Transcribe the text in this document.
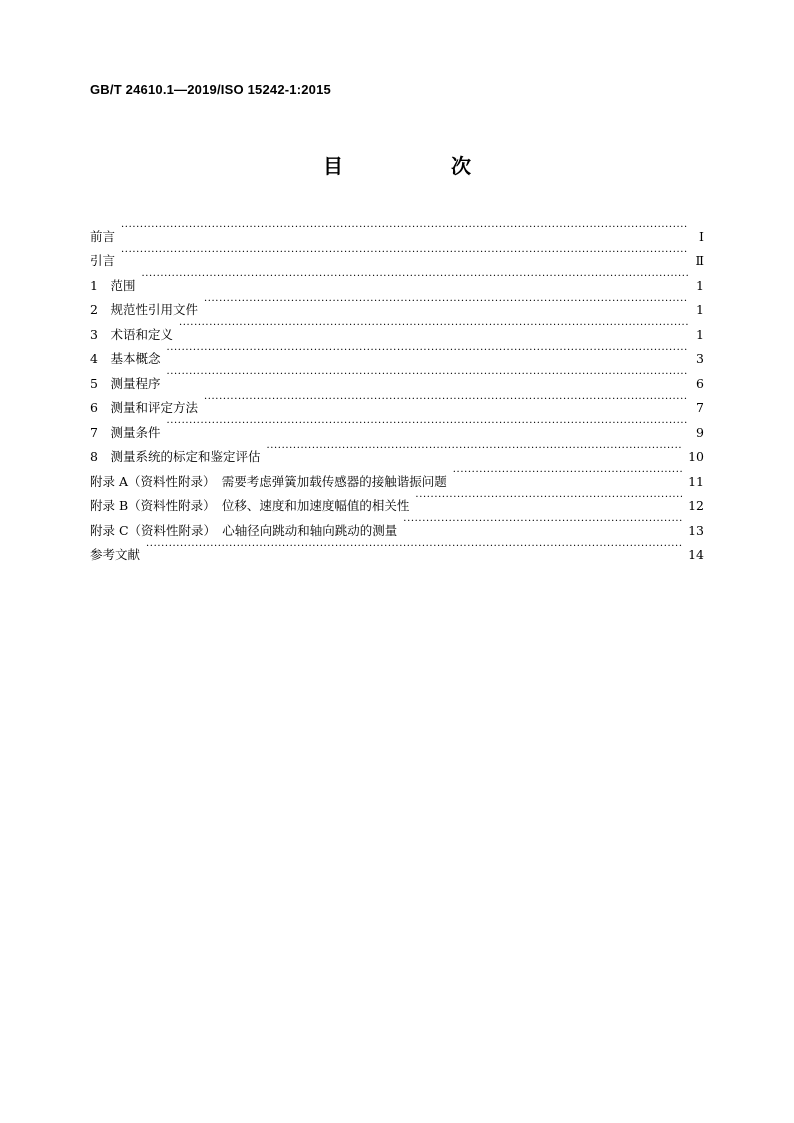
GB/T 24610.1—2019/ISO 15242-1:2015
目　次
前言 ·····	Ⅰ
引言 ·····	Ⅱ
1　范围 ·····	1
2　规范性引用文件 ·····	1
3　术语和定义 ·····	1
4　基本概念 ·····	3
5　测量程序 ·····	6
6　测量和评定方法 ·····	7
7　测量条件 ·····	9
8　测量系统的标定和鉴定评估 ·····	10
附录 A（资料性附录）　需要考虑弹簧加载传感器的接触谐振问题 ·····	11
附录 B（资料性附录）　位移、速度和加速度幅值的相关性 ·····	12
附录 C（资料性附录）　心轴径向跳动和轴向跳动的测量 ·····	13
参考文献 ·····	14
